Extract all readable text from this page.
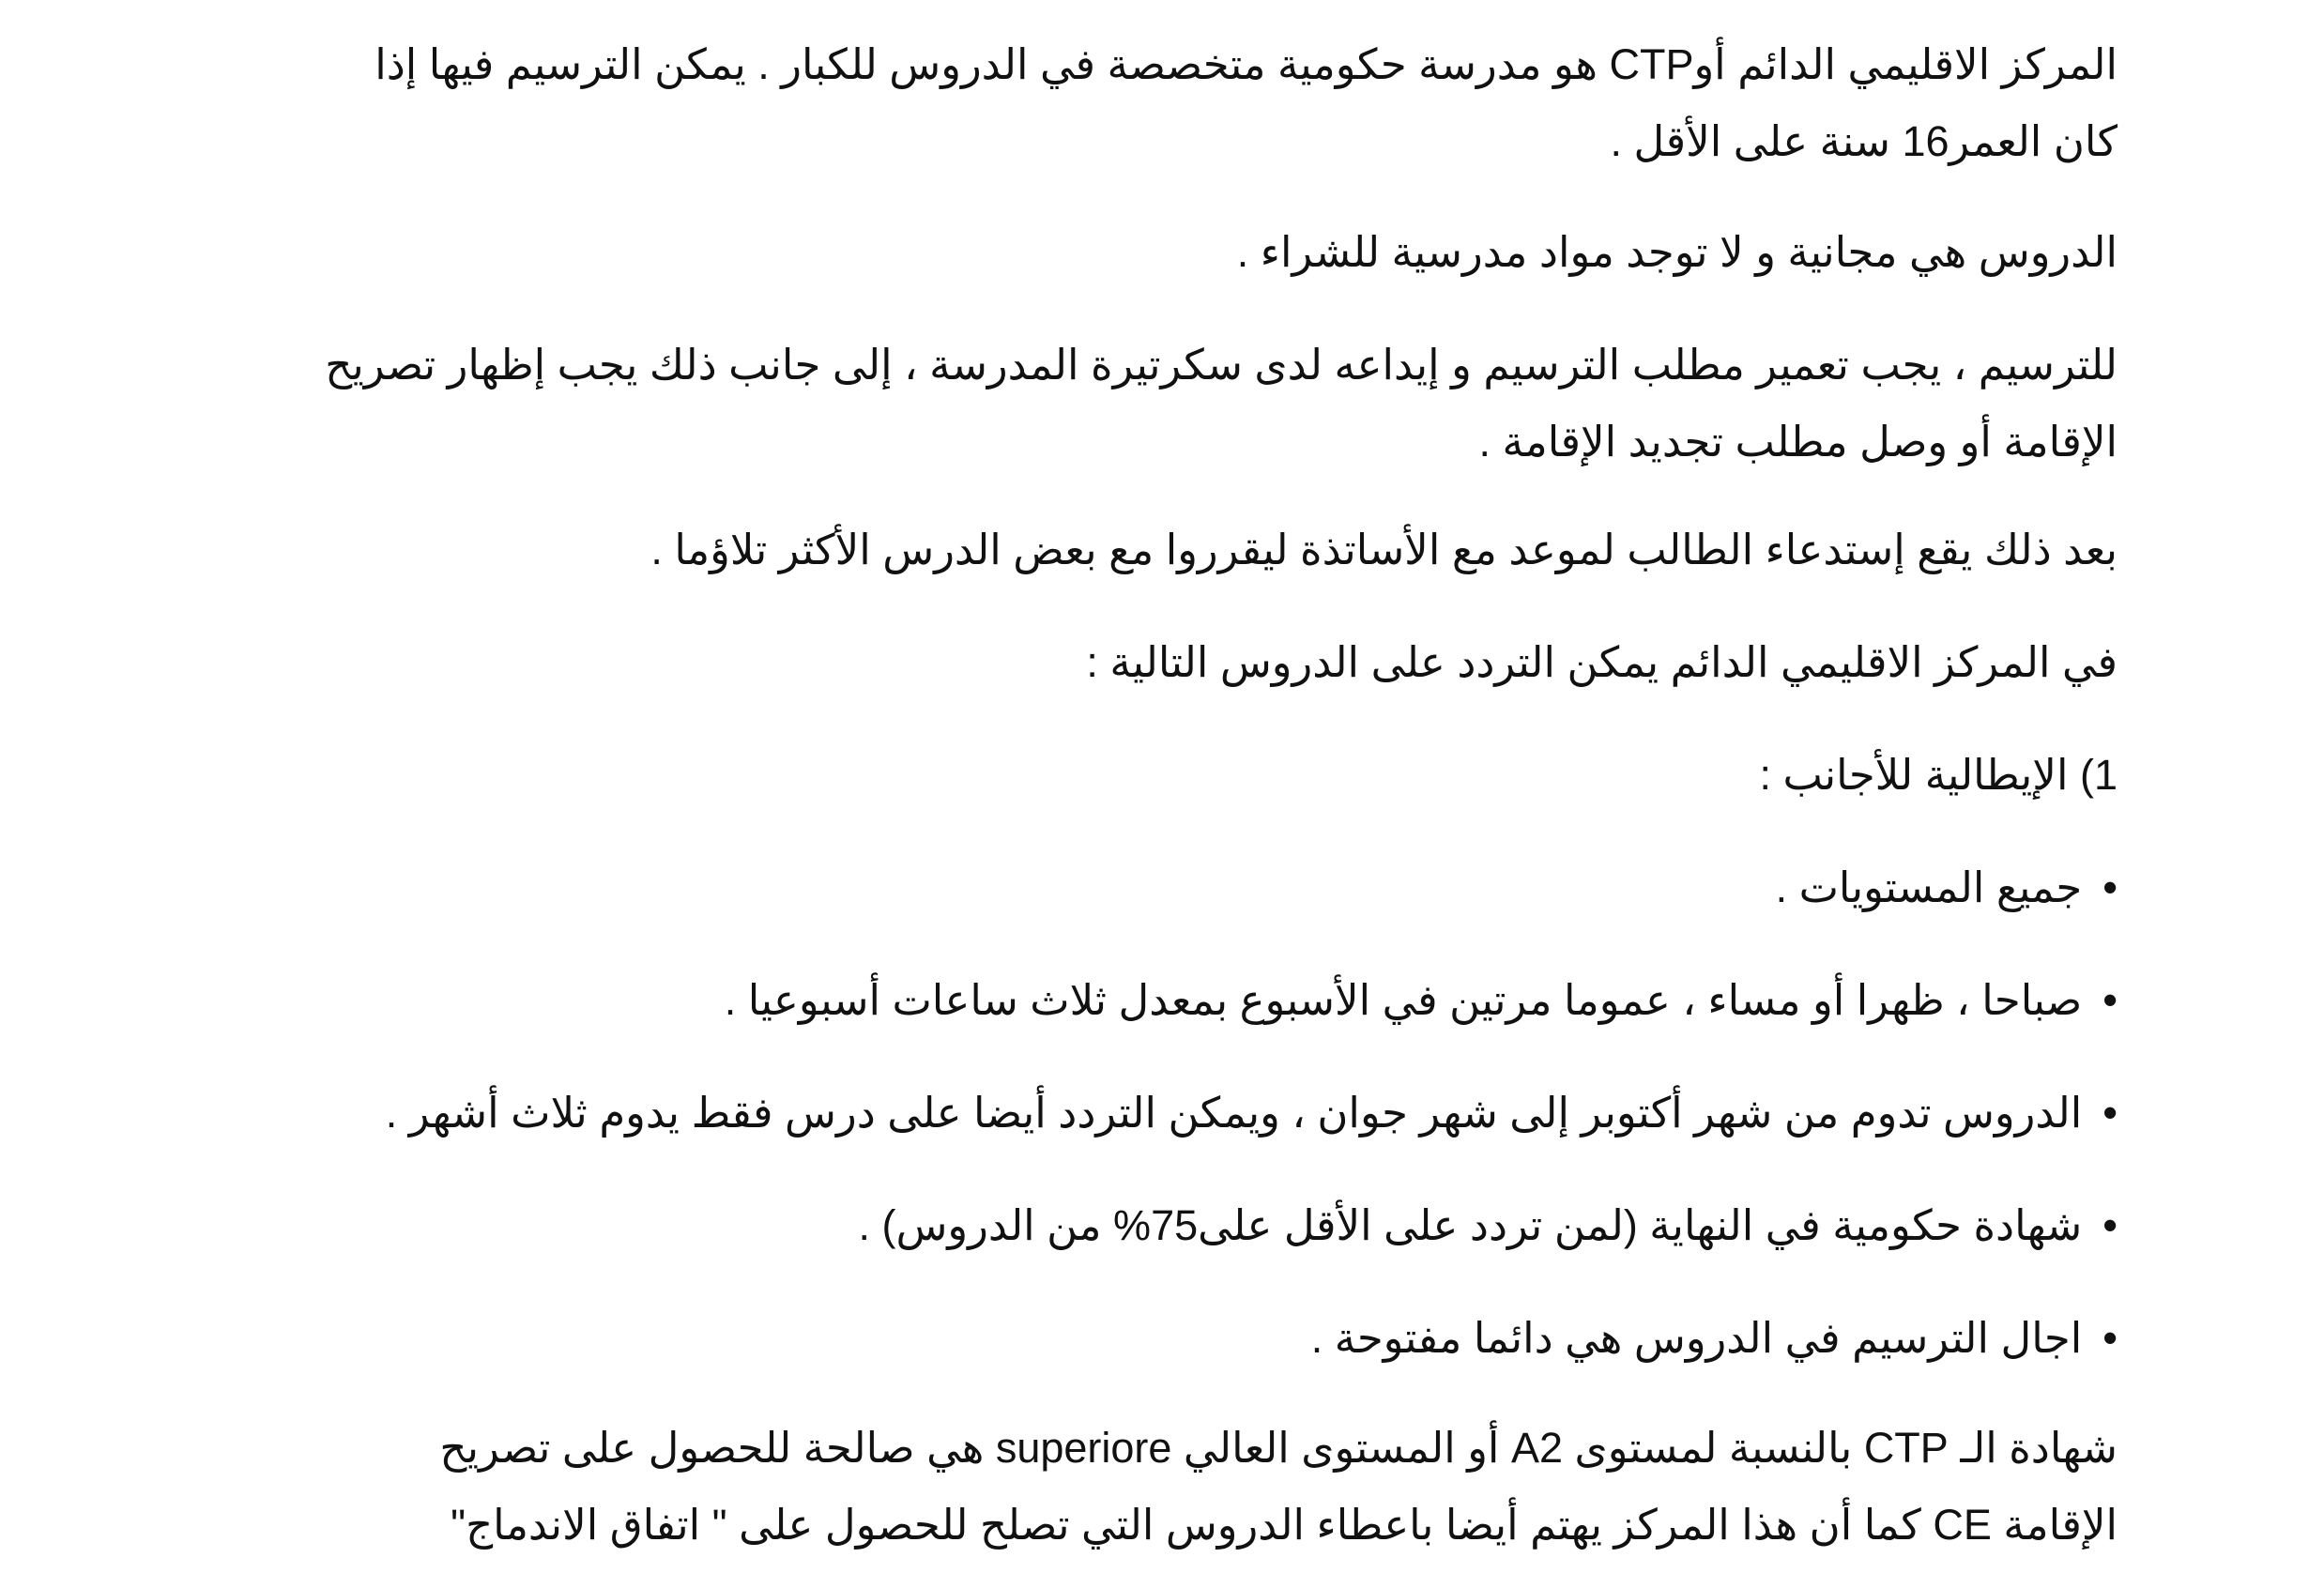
المركز الاقليمي الدائم أوCTP هو مدرسة حكومية متخصصة في الدروس للكبار . يمكن الترسيم فيها إذا
كان العمر16 سنة على الأقل .
الدروس هي مجانية و لا توجد مواد مدرسية للشراء .
للترسيم ، يجب تعمير مطلب الترسيم و إيداعه لدى سكرتيرة المدرسة ، إلى جانب ذلك يجب إظهار تصريح
الإقامة أو وصل مطلب تجديد الإقامة .
بعد ذلك يقع إستدعاء الطالب لموعد مع الأساتذة ليقرروا مع بعض الدرس الأكثر تلاؤما .
في المركز الاقليمي الدائم يمكن التردد على الدروس التالية :
1) الإيطالية للأجانب :
•جميع المستويات .
•صباحا ، ظهرا أو مساء ، عموما مرتين في الأسبوع بمعدل ثلاث ساعات أسبوعيا .
•الدروس تدوم من شهر أكتوبر إلى شهر جوان ، ويمكن التردد أيضا على درس فقط يدوم ثلاث أشهر .
•شهادة حكومية في النهاية (لمن تردد على الأقل على75% من الدروس) .
•اجال الترسيم في الدروس هي دائما مفتوحة .
شهادة الـ CTP بالنسبة لمستوى A2 أو المستوى العالي superiore هي صالحة للحصول على تصريح
الإقامة CE كما أن هذا المركز يهتم أيضا باعطاء الدروس التي تصلح للحصول على " اتفاق الاندماج"
